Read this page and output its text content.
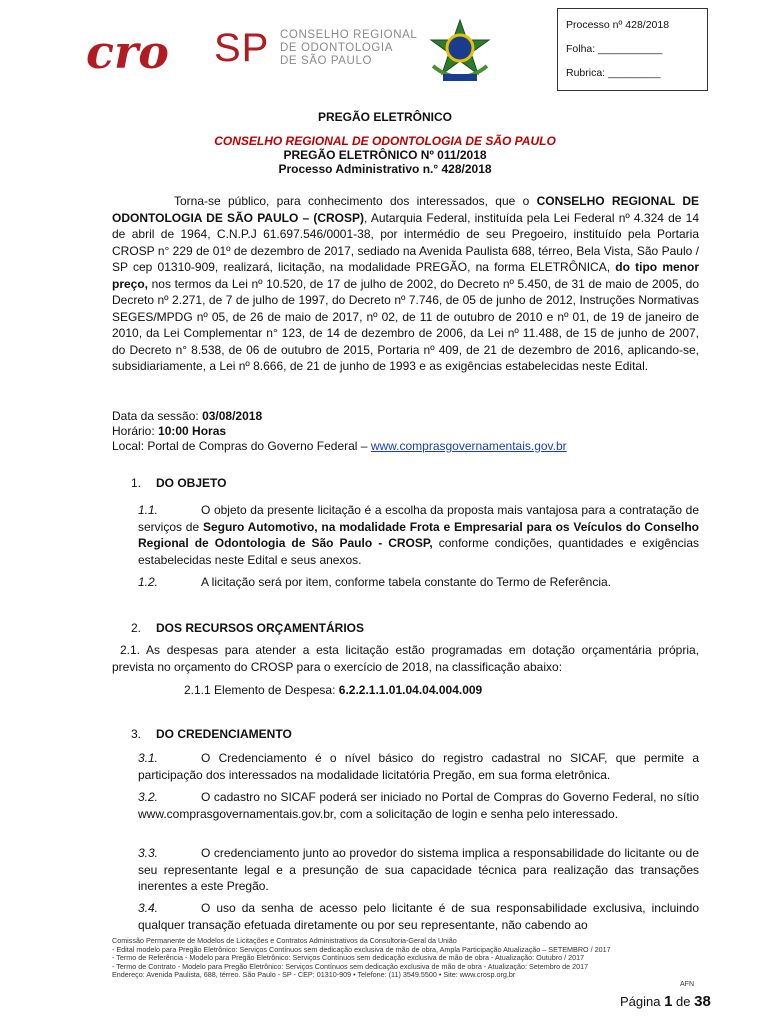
cro SP CONSELHO REGIONAL
DE ODONTOLOGIA
DE SÃO PAULO
Processo nº 428/2018
Folha: ___________
Rubrica: _________
PREGÃO ELETRÔNICO
CONSELHO REGIONAL DE ODONTOLOGIA DE SÃO PAULO
PREGÃO ELETRÔNICO Nº 011/2018
Processo Administrativo n.° 428/2018
Torna-se público, para conhecimento dos interessados, que o CONSELHO REGIONAL DE ODONTOLOGIA DE SÃO PAULO – (CROSP), Autarquia Federal, instituída pela Lei Federal nº 4.324 de 14 de abril de 1964, C.N.P.J 61.697.546/0001-38, por intermédio de seu Pregoeiro, instituído pela Portaria CROSP n° 229 de 01º de dezembro de 2017, sediado na Avenida Paulista 688, térreo, Bela Vista, São Paulo / SP cep 01310-909, realizará, licitação, na modalidade PREGÃO, na forma ELETRÔNICA, do tipo menor preço, nos termos da Lei nº 10.520, de 17 de julho de 2002, do Decreto nº 5.450, de 31 de maio de 2005, do Decreto nº 2.271, de 7 de julho de 1997, do Decreto nº 7.746, de 05 de junho de 2012, Instruções Normativas SEGES/MPDG nº 05, de 26 de maio de 2017, nº 02, de 11 de outubro de 2010 e nº 01, de 19 de janeiro de 2010, da Lei Complementar n° 123, de 14 de dezembro de 2006, da Lei nº 11.488, de 15 de junho de 2007, do Decreto n° 8.538, de 06 de outubro de 2015, Portaria nº 409, de 21 de dezembro de 2016, aplicando-se, subsidiariamente, a Lei nº 8.666, de 21 de junho de 1993 e as exigências estabelecidas neste Edital.
Data da sessão: 03/08/2018
Horário: 10:00 Horas
Local: Portal de Compras do Governo Federal – www.comprasgovernamentais.gov.br
1. DO OBJETO
1.1.	O objeto da presente licitação é a escolha da proposta mais vantajosa para a contratação de serviços de Seguro Automotivo, na modalidade Frota e Empresarial para os Veículos do Conselho Regional de Odontologia de São Paulo - CROSP, conforme condições, quantidades e exigências estabelecidas neste Edital e seus anexos.
1.2.	A licitação será por item, conforme tabela constante do Termo de Referência.
2. DOS RECURSOS ORÇAMENTÁRIOS
2.1. As despesas para atender a esta licitação estão programadas em dotação orçamentária própria, prevista no orçamento do CROSP para o exercício de 2018, na classificação abaixo:
2.1.1 Elemento de Despesa: 6.2.2.1.1.01.04.04.004.009
3. DO CREDENCIAMENTO
3.1.	O Credenciamento é o nível básico do registro cadastral no SICAF, que permite a participação dos interessados na modalidade licitatória Pregão, em sua forma eletrônica.
3.2.	O cadastro no SICAF poderá ser iniciado no Portal de Compras do Governo Federal, no sítio www.comprasgovernamentais.gov.br, com a solicitação de login e senha pelo interessado.
3.3.	O credenciamento junto ao provedor do sistema implica a responsabilidade do licitante ou de seu representante legal e a presunção de sua capacidade técnica para realização das transações inerentes a este Pregão.
3.4.	O uso da senha de acesso pelo licitante é de sua responsabilidade exclusiva, incluindo qualquer transação efetuada diretamente ou por seu representante, não cabendo ao
Comissão Permanente de Modelos de Licitações e Contratos Administrativos da Consultoria-Geral da União
- Edital modelo para Pregão Eletrônico: Serviços Contínuos sem dedicação exclusiva de mão de obra, Ampla Participação Atualização – SETEMBRO / 2017
- Termo de Referência - Modelo para Pregão Eletrônico: Serviços Contínuos sem dedicação exclusiva de mão de obra - Atualização: Outubro / 2017
- Termo de Contrato - Modelo para Pregão Eletrônico: Serviços Contínuos sem dedicação exclusiva de mão de obra - Atualização: Setembro de 2017
Endereço: Avenida Paulista, 688, térreo. São Paulo - SP - CEP: 01310-909 • Telefone: (11) 3549.5500 • Site: www.crosp.org.br
AFN
Página 1 de 38
